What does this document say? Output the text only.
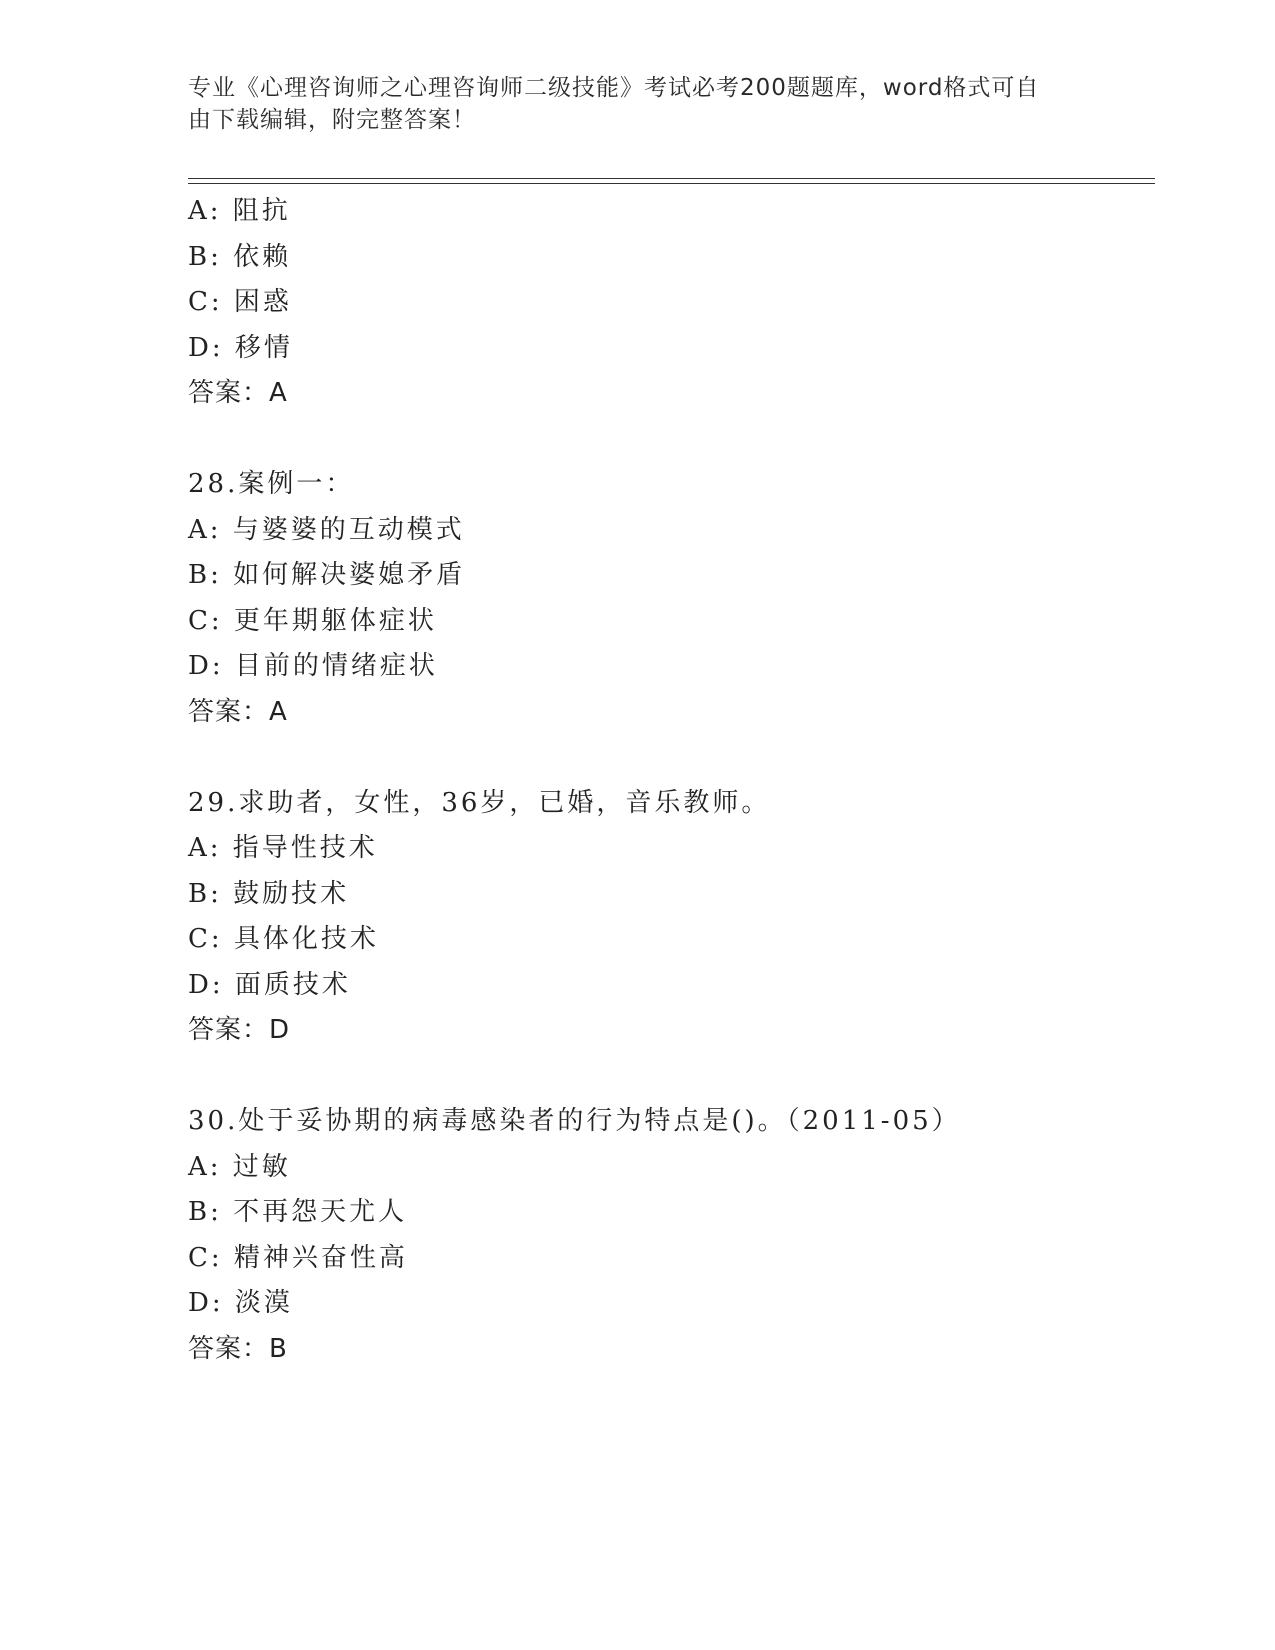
专业《心理咨询师之心理咨询师二级技能》考试必考200题题库，word格式可自
由下载编辑，附完整答案！
A: 阻抗
B: 依赖
C: 困惑
D: 移情
答案：A
28.案例一：
A: 与婆婆的互动模式
B: 如何解决婆媳矛盾
C: 更年期躯体症状
D: 目前的情绪症状
答案：A
29.求助者，女性，36岁，已婚，音乐教师。
A: 指导性技术
B: 鼓励技术
C: 具体化技术
D: 面质技术
答案：D
30.处于妥协期的病毒感染者的行为特点是()。（2011-05）
A: 过敏
B: 不再怨天尤人
C: 精神兴奋性高
D: 淡漠
答案：B
